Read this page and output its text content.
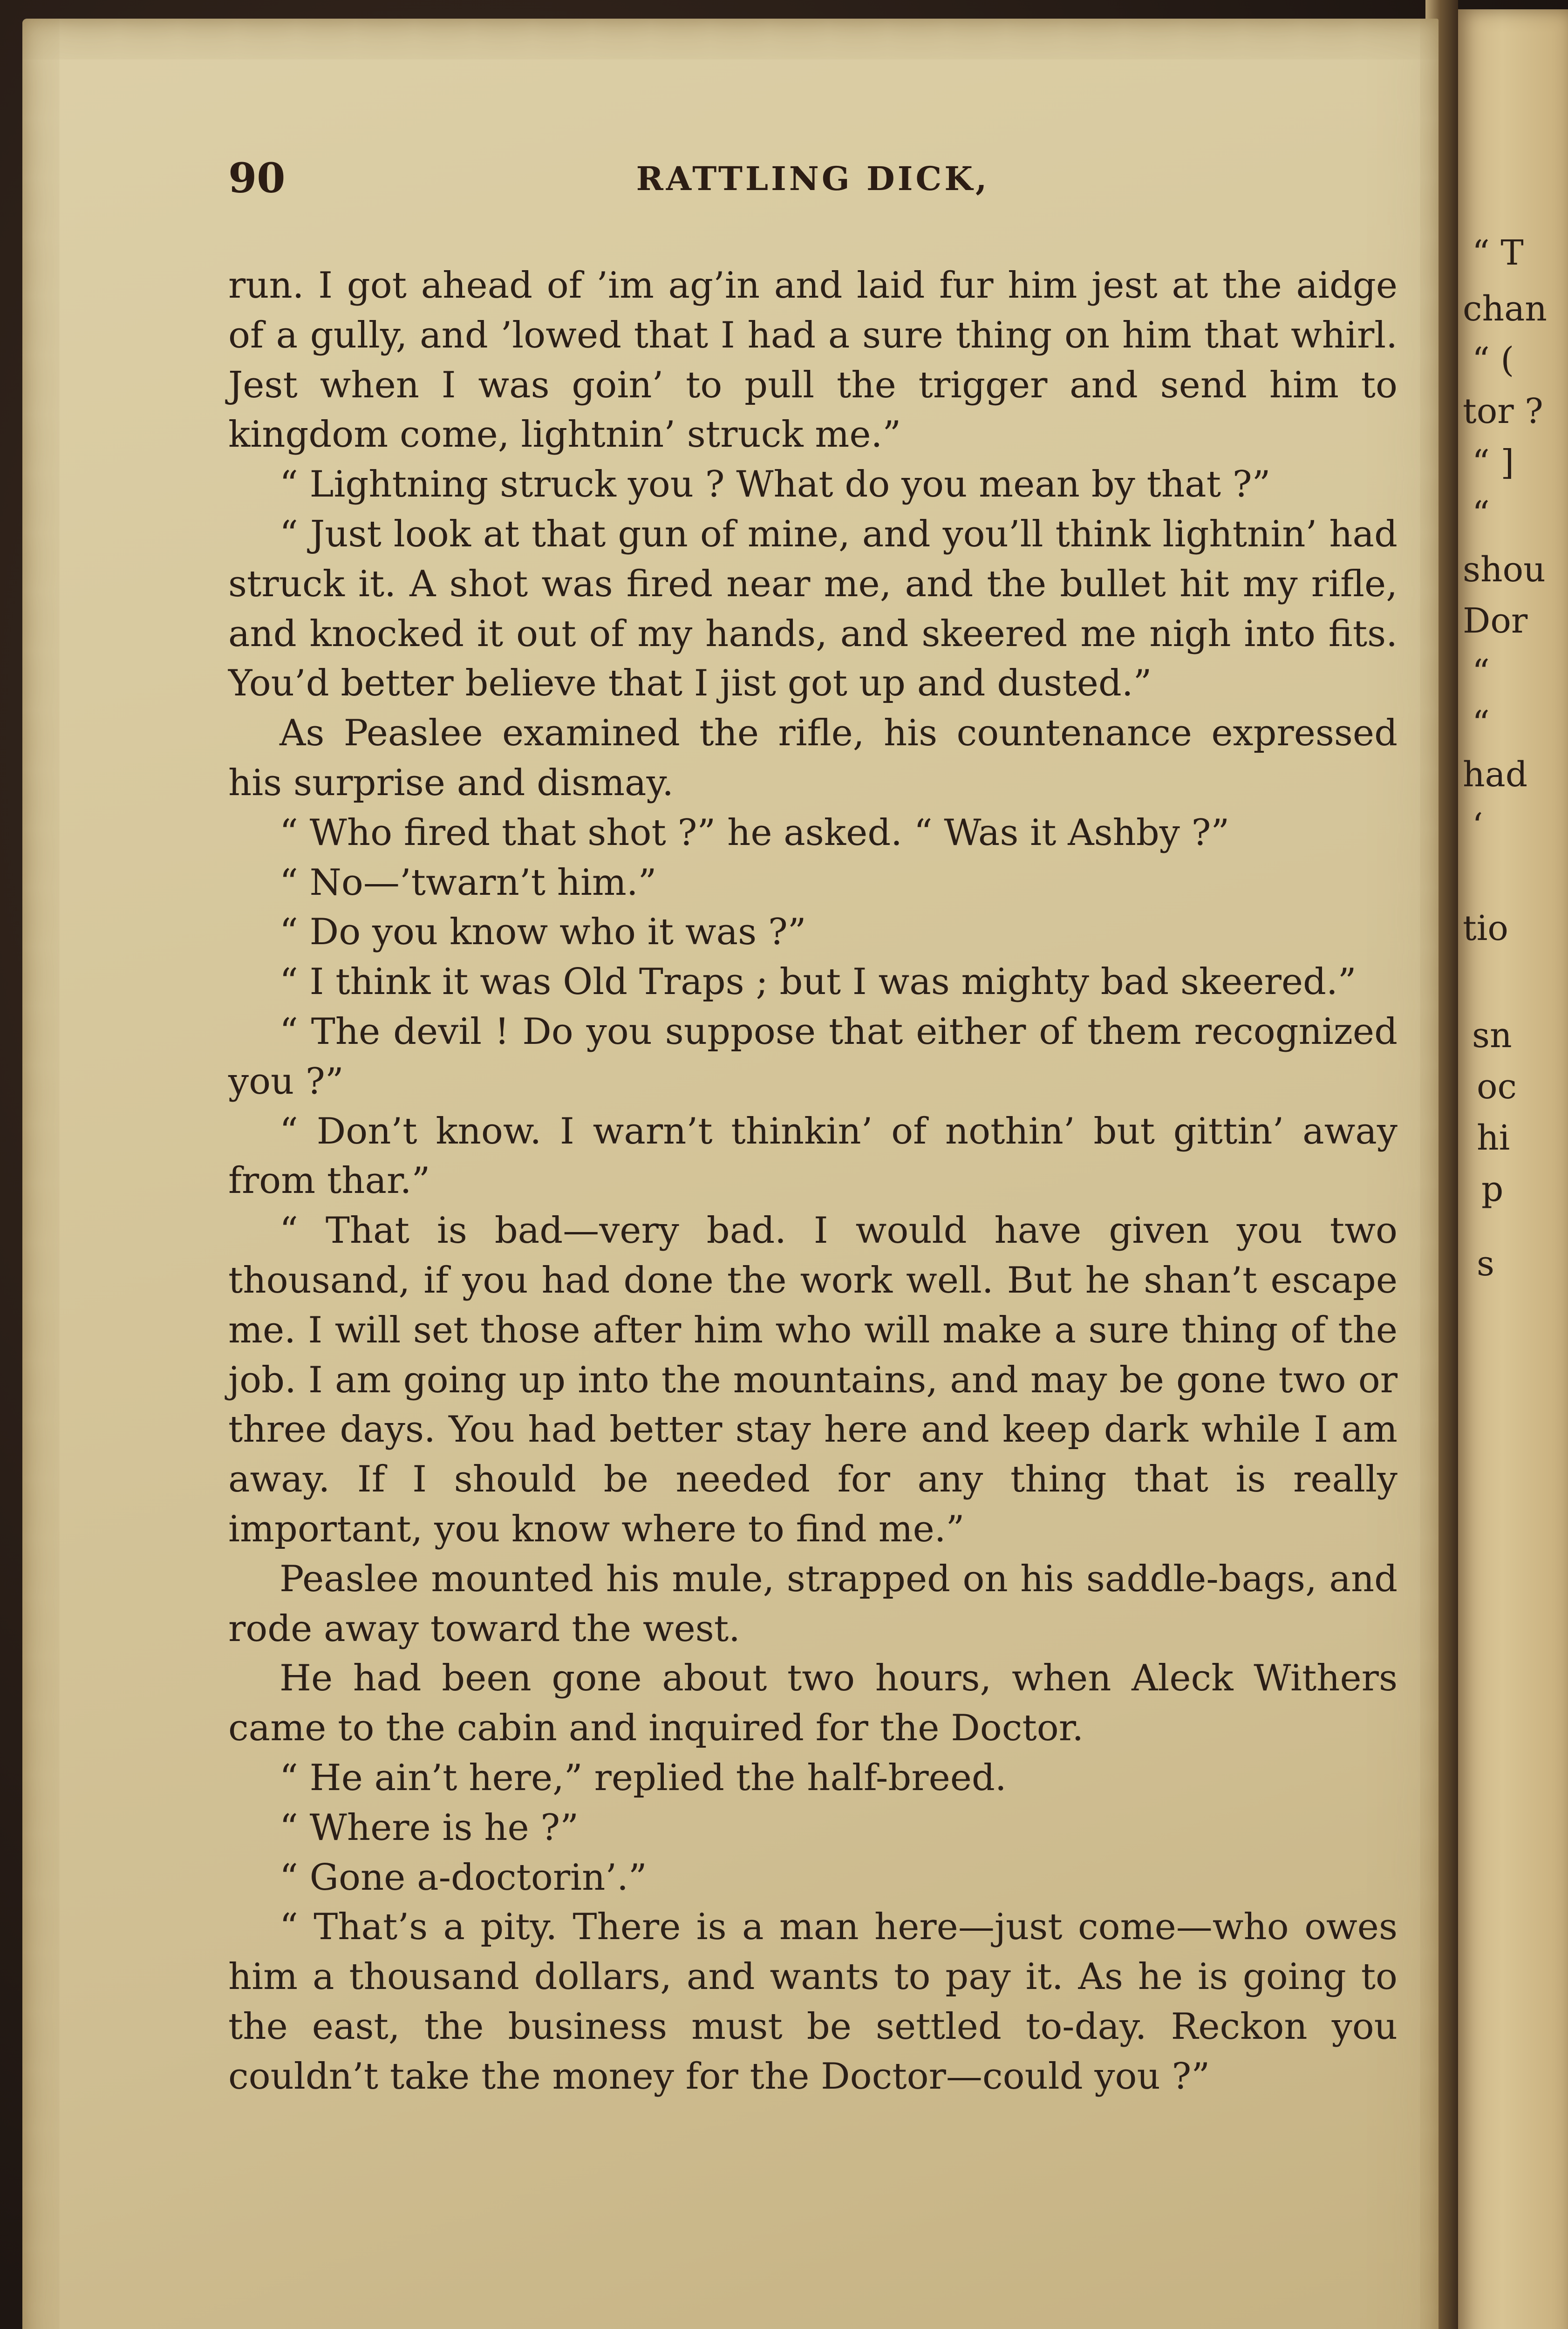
“ T
chan
“ (
tor ?
“ ]
“
shou
Dor
“
“
had
‘
tio
sn
oc
hi
p
s
90	RATTLING DICK,

run. I got ahead of ’im ag’in and laid fur him jest at the aidge of a gully, and ’lowed that I had a sure thing on him that whirl. Jest when I was goin’ to pull the trigger and send him to kingdom come, lightnin’ struck me.”

“ Lightning struck you ? What do you mean by that ?”

“ Just look at that gun of mine, and you’ll think lightnin’ had struck it. A shot was fired near me, and the bullet hit my rifle, and knocked it out of my hands, and skeered me nigh into fits. You’d better believe that I jist got up and dusted.”

As Peaslee examined the rifle, his countenance expressed his surprise and dismay.

“ Who fired that shot ?” he asked. “ Was it Ashby ?”

“ No—’twarn’t him.”

“ Do you know who it was ?”

“ I think it was Old Traps ; but I was mighty bad skeered.”

“ The devil ! Do you suppose that either of them recognized you ?”

“ Don’t know. I warn’t thinkin’ of nothin’ but gittin’ away from thar.”

“ That is bad—very bad. I would have given you two thousand, if you had done the work well. But he shan’t escape me. I will set those after him who will make a sure thing of the job. I am going up into the mountains, and may be gone two or three days. You had better stay here and keep dark while I am away. If I should be needed for any thing that is really important, you know where to find me.”

Peaslee mounted his mule, strapped on his saddle-bags, and rode away toward the west.

He had been gone about two hours, when Aleck Withers came to the cabin and inquired for the Doctor.

“ He ain’t here,” replied the half-breed.

“ Where is he ?”

“ Gone a-doctorin’.”

“ That’s a pity. There is a man here—just come—who owes him a thousand dollars, and wants to pay it. As he is going to the east, the business must be settled to-day. Reckon you couldn’t take the money for the Doctor—could you ?”
